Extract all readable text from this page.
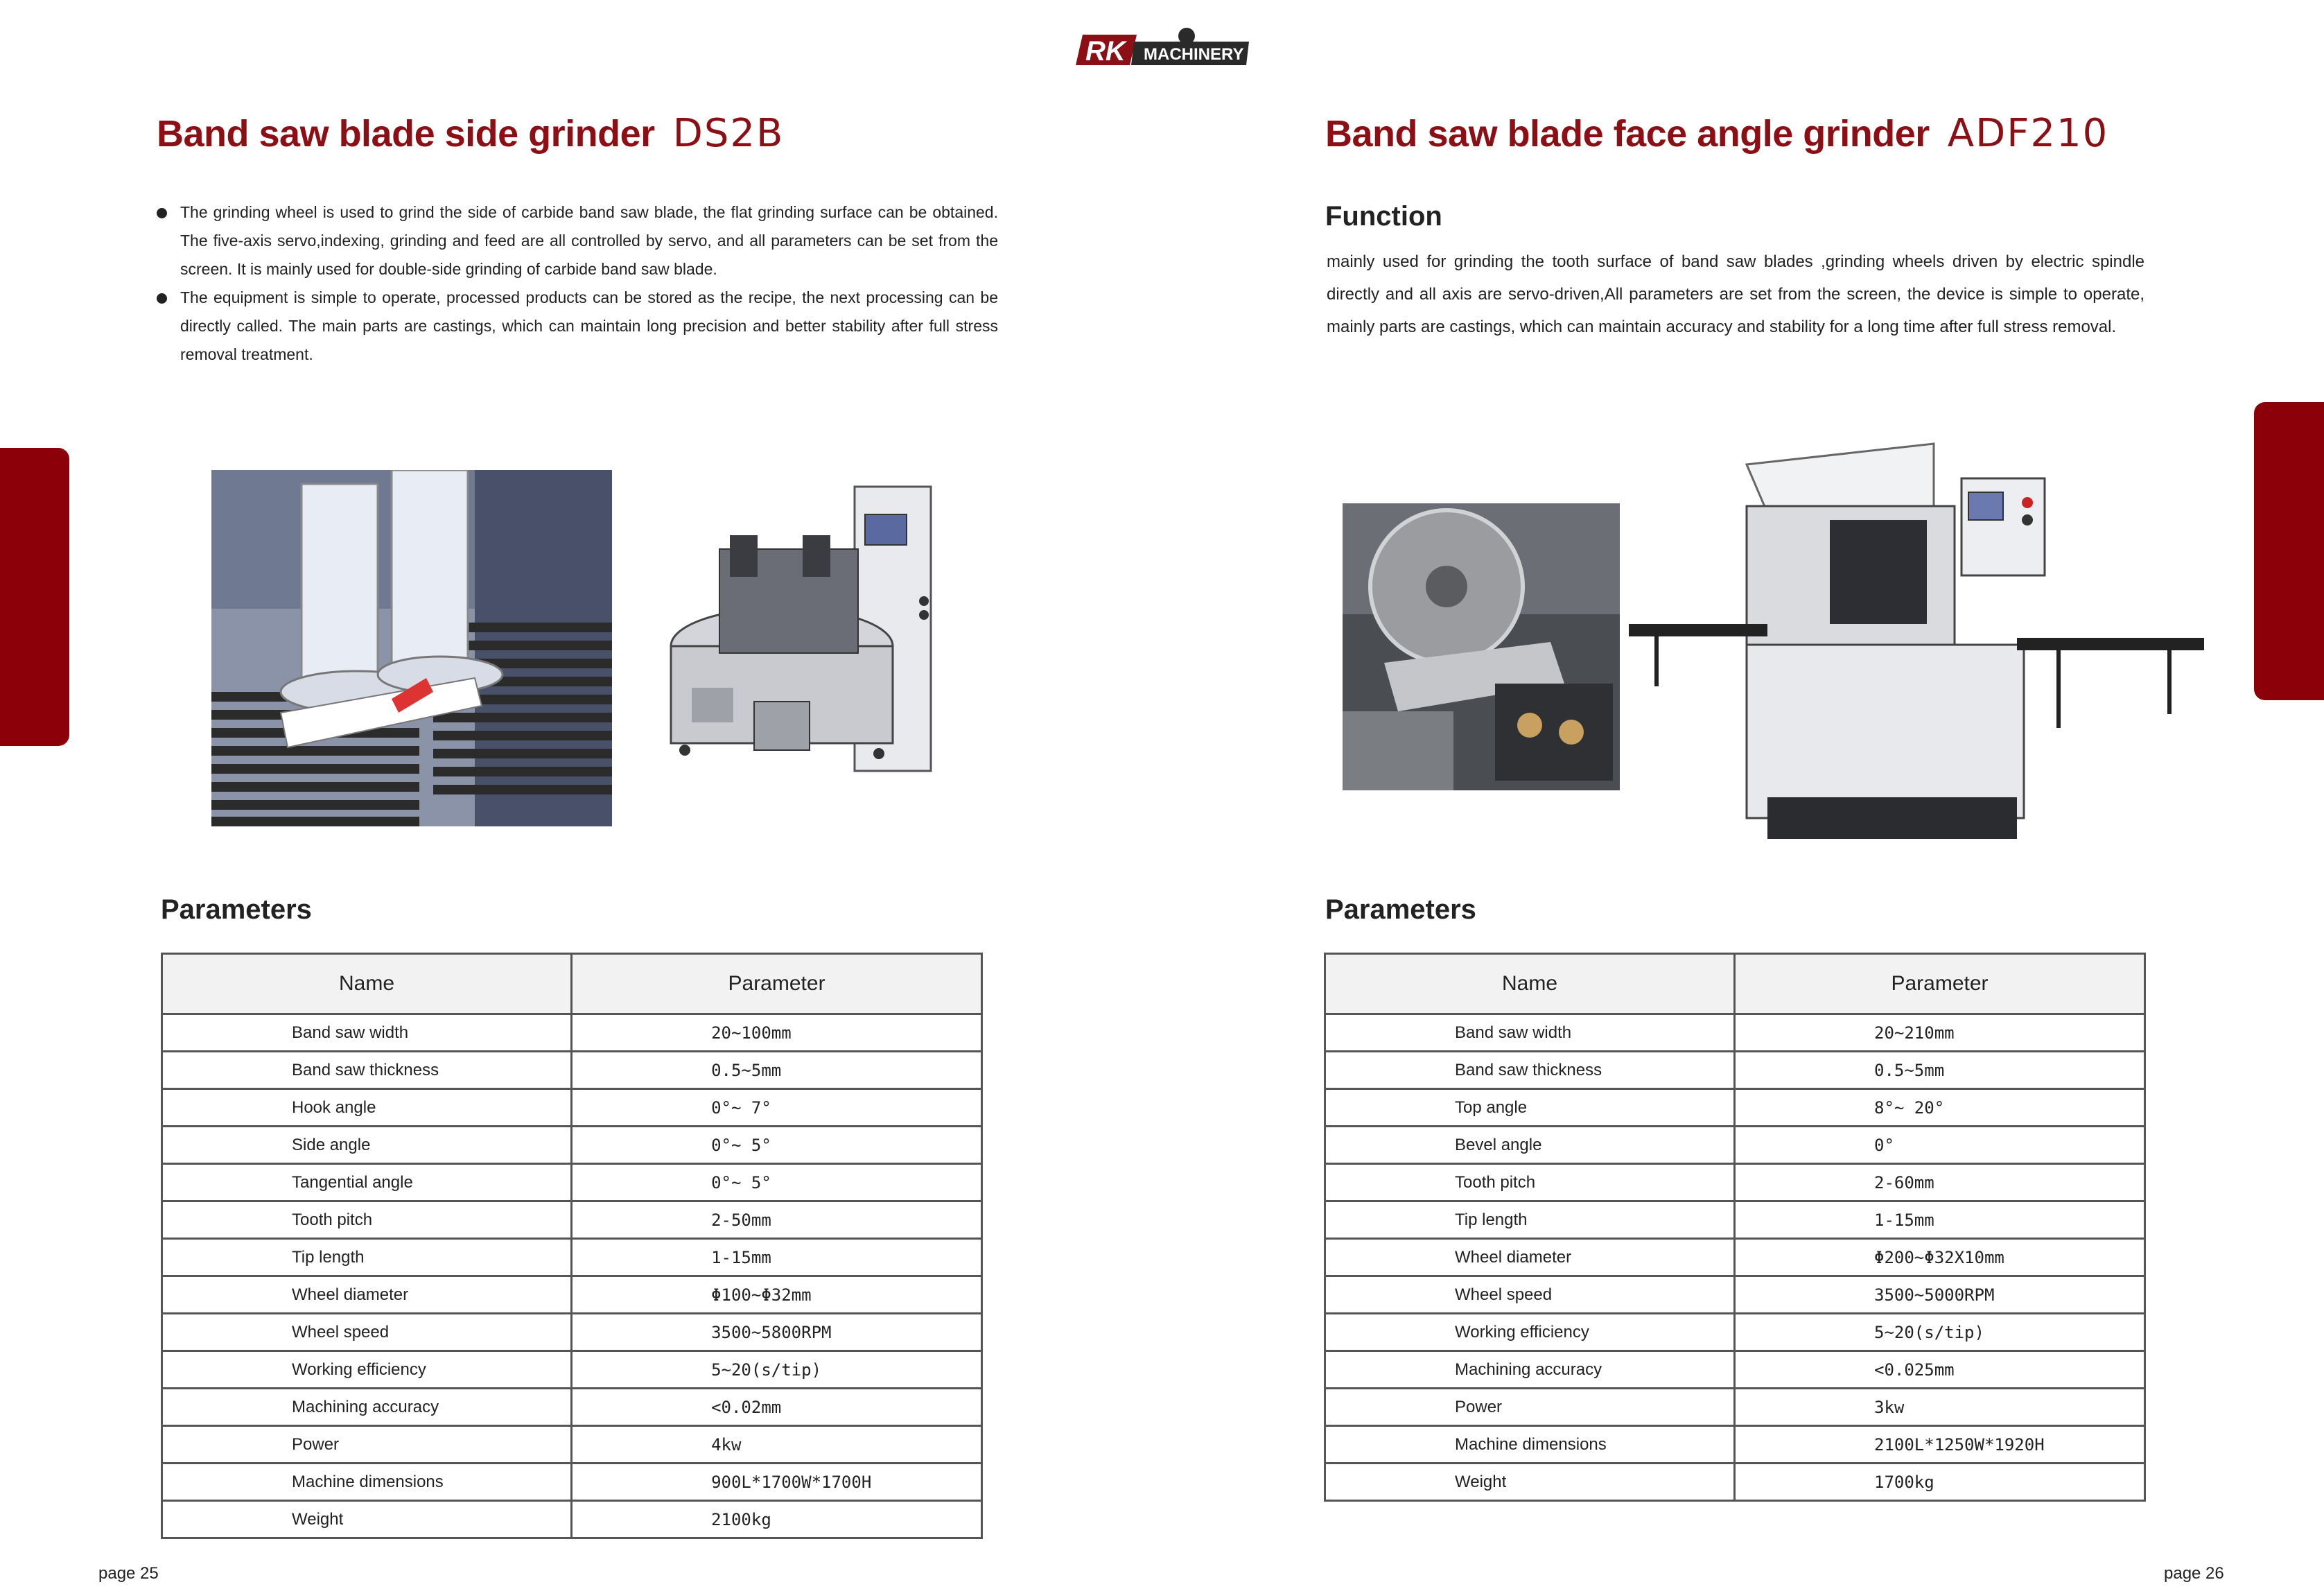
RK MACHINERY
Band saw blade side grinder DS2B
The grinding wheel is used to grind the side of carbide band saw blade, the flat grinding surface can be obtained. The five-axis servo,indexing, grinding and feed are all controlled by servo, and all parameters can be set from the screen. It is mainly used for double-side grinding of carbide band saw blade.
The equipment is simple to operate, processed products can be stored as the recipe, the next processing can be directly called. The main parts are castings, which can maintain long precision and better stability after full stress removal treatment.
Parameters
Name	Parameter
Band saw width	20~100mm
Band saw thickness	0.5~5mm
Hook angle	0°~ 7°
Side angle	0°~ 5°
Tangential angle	0°~ 5°
Tooth pitch	2-50mm
Tip length	1-15mm
Wheel diameter	Φ100~Φ32mm
Wheel speed	3500~5800RPM
Working efficiency	5~20(s/tip)
Machining accuracy	<0.02mm
Power	4kw
Machine dimensions	900L*1700W*1700H
Weight	2100kg
page 25
Band saw blade face angle grinder ADF210
Function
mainly used for grinding the tooth surface of band saw blades ,grinding wheels driven by electric spindle directly and all axis are servo-driven,All parameters are set from the screen, the device is simple to operate, mainly parts are castings, which can maintain accuracy and stability for a long time after full stress removal.
Parameters
Name	Parameter
Band saw width	20~210mm
Band saw thickness	0.5~5mm
Top angle	8°~ 20°
Bevel angle	0°
Tooth pitch	2-60mm
Tip length	1-15mm
Wheel diameter	Φ200~Φ32X10mm
Wheel speed	3500~5000RPM
Working efficiency	5~20(s/tip)
Machining accuracy	<0.025mm
Power	3kw
Machine dimensions	2100L*1250W*1920H
Weight	1700kg
page 26
